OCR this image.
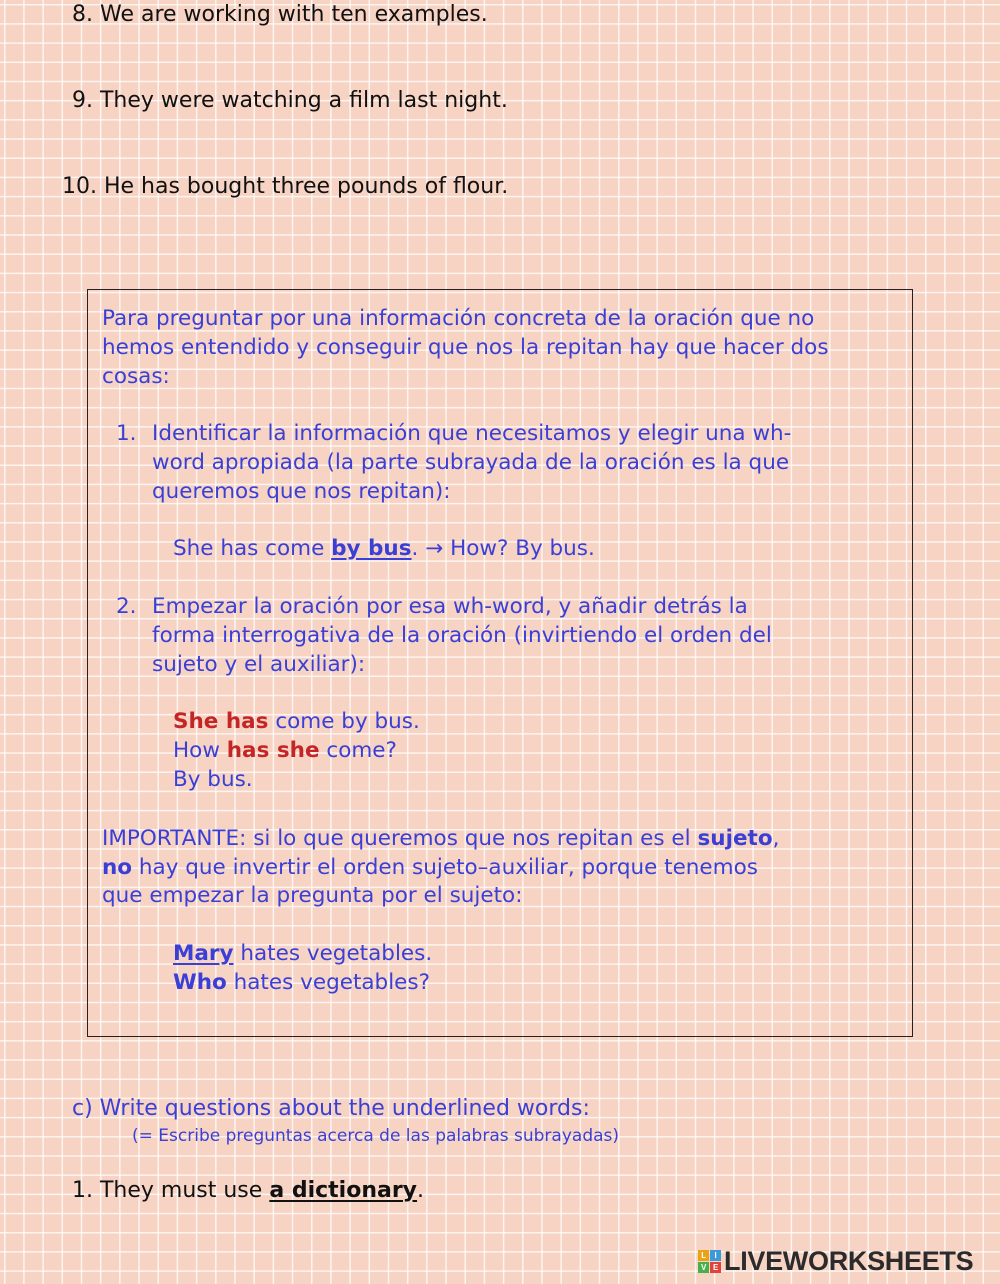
8. We are working with ten examples.
9. They were watching a film last night.
10. He has bought three pounds of flour.
Para preguntar por una información concreta de la oración que no
hemos entendido y conseguir que nos la repitan hay que hacer dos
cosas:
1. Identificar la información que necesitamos y elegir una wh-
word apropiada (la parte subrayada de la oración es la que
queremos que nos repitan):
She has come by bus. → How? By bus.
2. Empezar la oración por esa wh-word, y añadir detrás la
forma interrogativa de la oración (invirtiendo el orden del
sujeto y el auxiliar):
She has come by bus.
How has she come?
By bus.
IMPORTANTE: si lo que queremos que nos repitan es el sujeto,
no hay que invertir el orden sujeto–auxiliar, porque tenemos
que empezar la pregunta por el sujeto:
Mary hates vegetables.
Who hates vegetables?
c) Write questions about the underlined words:
(= Escribe preguntas acerca de las palabras subrayadas)
1. They must use a dictionary.
L	I
V E LIVEWORKSHEETS
